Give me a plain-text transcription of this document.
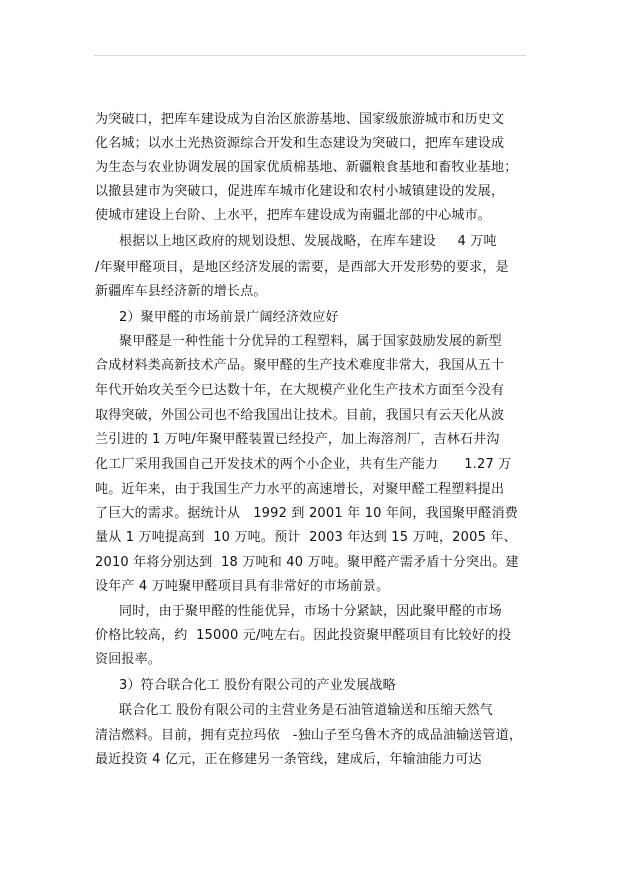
为突破口，把库车建设成为自治区旅游基地、国家级旅游城市和历史文
化名城；以水土光热资源综合开发和生态建设为突破口，把库车建设成
为生态与农业协调发展的国家优质棉基地、新疆粮食基地和畜牧业基地；
以撤县建市为突破口，促进库车城市化建设和农村小城镇建设的发展，
使城市建设上台阶、上水平，把库车建设成为南疆北部的中心城市。
根据以上地区政府的规划设想、发展战略，在库车建设     4 万吨
/年聚甲醛项目，是地区经济发展的需要，是西部大开发形势的要求，是
新疆库车县经济新的增长点。
2）聚甲醛的市场前景广阔经济效应好
聚甲醛是一种性能十分优异的工程塑料，属于国家鼓励发展的新型
合成材料类高新技术产品。聚甲醛的生产技术难度非常大，我国从五十
年代开始攻关至今已达数十年，在大规模产业化生产技术方面至今没有
取得突破，外国公司也不给我国出让技术。目前，我国只有云天化从波
兰引进的 1 万吨/年聚甲醛装置已经投产，加上海溶剂厂，吉林石井沟
化工厂采用我国自己开发技术的两个小企业，共有生产能力      1.27 万
吨。近年来，由于我国生产力水平的高速增长，对聚甲醛工程塑料提出
了巨大的需求。据统计从   1992 到 2001 年 10 年间，我国聚甲醛消费
量从 1 万吨提高到  10 万吨。预计  2003 年达到 15 万吨，2005 年、
2010 年将分别达到  18 万吨和 40 万吨。聚甲醛产需矛盾十分突出。建
设年产 4 万吨聚甲醛项目具有非常好的市场前景。
同时，由于聚甲醛的性能优异，市场十分紧缺，因此聚甲醛的市场
价格比较高，约  15000 元/吨左右。因此投资聚甲醛项目有比较好的投
资回报率。
3）符合联合化工 股份有限公司的产业发展战略
联合化工 股份有限公司的主营业务是石油管道输送和压缩天然气
清洁燃料。目前，拥有克拉玛依   -独山子至乌鲁木齐的成品油输送管道，
最近投资 4 亿元，正在修建另一条管线，建成后，年输油能力可达
